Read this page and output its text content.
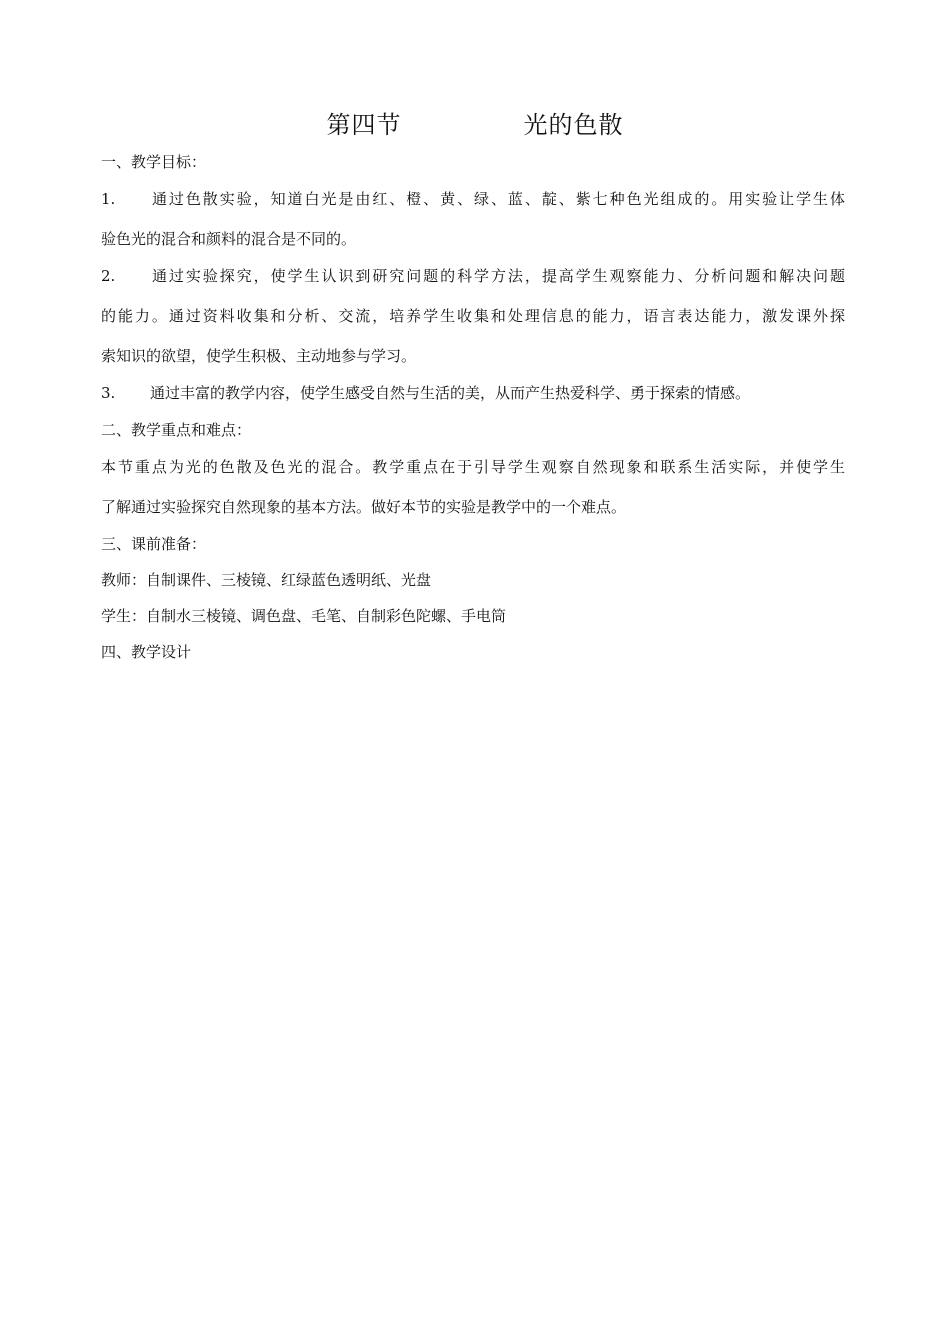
第四节	光的色散
一、教学目标：
1. 通过色散实验，知道白光是由红、橙、黄、绿、蓝、靛、紫七种色光组成的。用实验让学生体
验色光的混合和颜料的混合是不同的。
2. 通过实验探究，使学生认识到研究问题的科学方法，提高学生观察能力、分析问题和解决问题
的能力。通过资料收集和分析、交流，培养学生收集和处理信息的能力，语言表达能力，激发课外探
索知识的欲望，使学生积极、主动地参与学习。
3. 通过丰富的教学内容，使学生感受自然与生活的美，从而产生热爱科学、勇于探索的情感。
二、教学重点和难点：
本节重点为光的色散及色光的混合。教学重点在于引导学生观察自然现象和联系生活实际，并使学生
了解通过实验探究自然现象的基本方法。做好本节的实验是教学中的一个难点。
三、课前准备：
教师：自制课件、三棱镜、红绿蓝色透明纸、光盘
学生：自制水三棱镜、调色盘、毛笔、自制彩色陀螺、手电筒
四、教学设计
